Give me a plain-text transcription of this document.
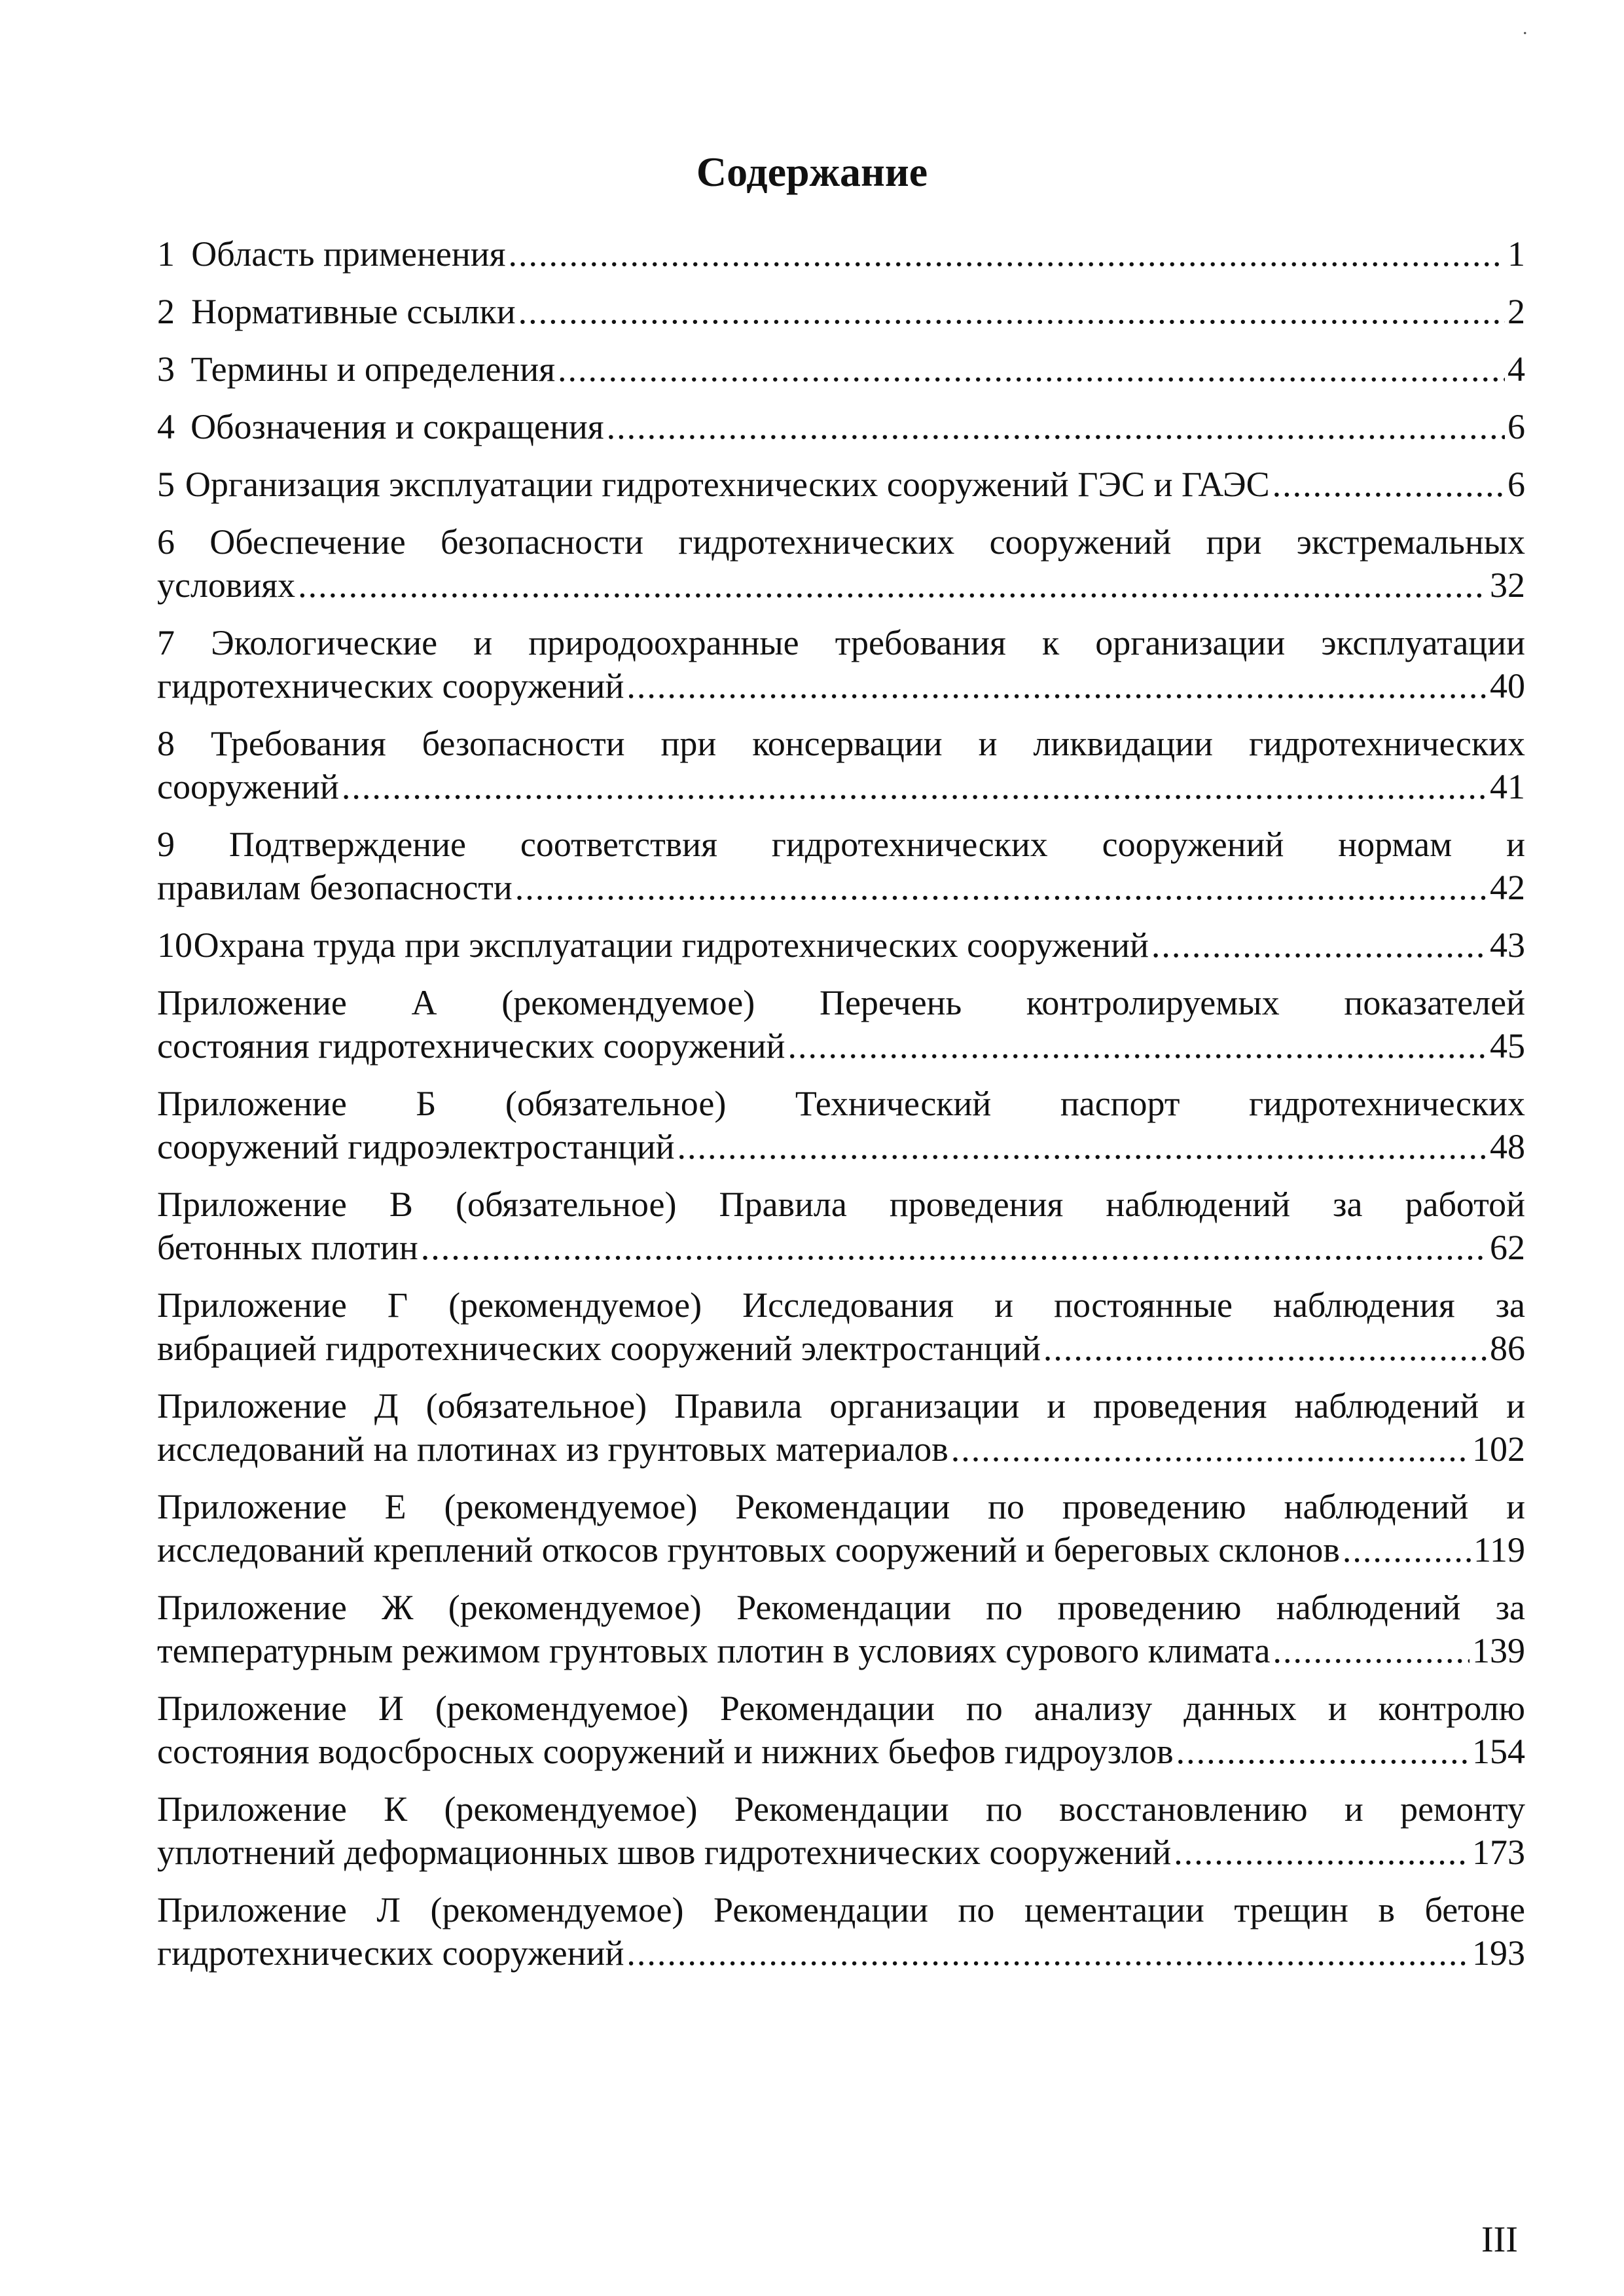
.
Содержание
1 Область применения .....	1
2 Нормативные ссылки .....	2
3 Термины и определения .....	4
4 Обозначения и сокращения .....	6
5 Организация эксплуатации гидротехнических сооружений ГЭС и ГАЭС .....	6
6 Обеспечение безопасности гидротехнических сооружений при экстремальных
условиях .....	32
7 Экологические и природоохранные требования к организации эксплуатации
гидротехнических сооружений .....	40
8 Требования безопасности при консервации и ликвидации гидротехнических
сооружений .....	41
9 Подтверждение соответствия гидротехнических сооружений нормам и
правилам безопасности .....	42
10 Охрана труда при эксплуатации гидротехнических сооружений .....	43
Приложение А (рекомендуемое) Перечень контролируемых показателей
состояния гидротехнических сооружений .....	45
Приложение Б (обязательное) Технический паспорт гидротехнических
сооружений гидроэлектростанций .....	48
Приложение В (обязательное) Правила проведения наблюдений за работой
бетонных плотин .....	62
Приложение Г (рекомендуемое) Исследования и постоянные наблюдения за
вибрацией гидротехнических сооружений электростанций .....	86
Приложение Д (обязательное) Правила организации и проведения наблюдений и
исследований на плотинах из грунтовых материалов .....	102
Приложение Е (рекомендуемое) Рекомендации по проведению наблюдений и
исследований креплений откосов грунтовых сооружений и береговых склонов .....	119
Приложение Ж (рекомендуемое) Рекомендации по проведению наблюдений за
температурным режимом грунтовых плотин в условиях сурового климата .....	139
Приложение И (рекомендуемое) Рекомендации по анализу данных и контролю
состояния водосбросных сооружений и нижних бьефов гидроузлов .....	154
Приложение К (рекомендуемое) Рекомендации по восстановлению и ремонту
уплотнений деформационных швов гидротехнических сооружений .....	173
Приложение Л (рекомендуемое) Рекомендации по цементации трещин в бетоне
гидротехнических сооружений .....	193
III
